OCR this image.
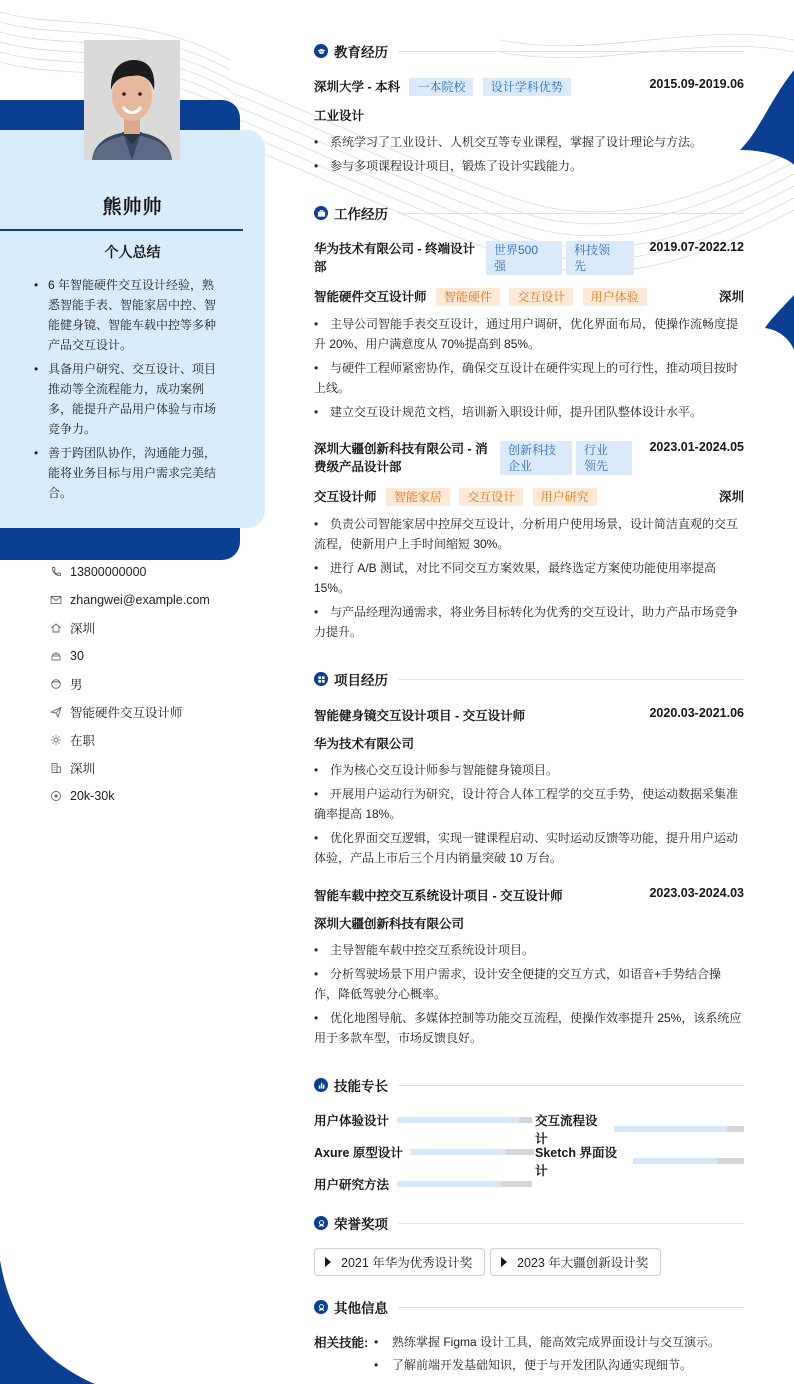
熊帅帅
个人总结
• 6 年智能硬件交互设计经验，熟悉智能手表、智能家居中控、智能健身镜、智能车载中控等多种产品交互设计。
• 具备用户研究、交互设计、项目推动等全流程能力，成功案例多，能提升产品用户体验与市场竞争力。
• 善于跨团队协作，沟通能力强，能将业务目标与用户需求完美结合。
13800000000
zhangwei@example.com
深圳
30
男
智能硬件交互设计师
在职
深圳
20k-30k
教育经历
深圳大学 - 本科 一本院校 设计学科优势	2015.09-2019.06
工业设计
• 系统学习了工业设计、人机交互等专业课程，掌握了设计理论与方法。
• 参与多项课程设计项目，锻炼了设计实践能力。
工作经历
华为技术有限公司 - 终端设计
部
世界500
强
科技领
先
2019.07-2022.12
智能硬件交互设计师 智能硬件 交互设计 用户体验	深圳
• 主导公司智能手表交互设计，通过用户调研，优化界面布局，使操作流畅度提升 20%、用户满意度从 70%提高到 85%。
• 与硬件工程师紧密协作，确保交互设计在硬件实现上的可行性，推动项目按时上线。
• 建立交互设计规范文档，培训新入职设计师，提升团队整体设计水平。
深圳大疆创新科技有限公司 - 消
费级产品设计部
创新科技
企业
行业
领先
2023.01-2024.05
交互设计师 智能家居 交互设计 用户研究	深圳
• 负责公司智能家居中控屏交互设计，分析用户使用场景，设计简洁直观的交互流程，使新用户上手时间缩短 30%。
• 进行 A/B 测试，对比不同交互方案效果，最终选定方案使功能使用率提高 15%。
• 与产品经理沟通需求，将业务目标转化为优秀的交互设计，助力产品市场竞争力提升。
项目经历
智能健身镜交互设计项目 - 交互设计师	2020.03-2021.06
华为技术有限公司
• 作为核心交互设计师参与智能健身镜项目。
• 开展用户运动行为研究，设计符合人体工程学的交互手势，使运动数据采集准确率提高 18%。
• 优化界面交互逻辑，实现一键课程启动、实时运动反馈等功能，提升用户运动体验，产品上市后三个月内销量突破 10 万台。
智能车载中控交互系统设计项目 - 交互设计师	2023.03-2024.03
深圳大疆创新科技有限公司
• 主导智能车载中控交互系统设计项目。
• 分析驾驶场景下用户需求，设计安全便捷的交互方式，如语音+手势结合操作，降低驾驶分心概率。
• 优化地图导航、多媒体控制等功能交互流程，使操作效率提升 25%，该系统应用于多款车型，市场反馈良好。
技能专长
用户体验设计	交互流程设计
Axure 原型设计	Sketch 界面设计
用户研究方法
荣誉奖项
2021 年华为优秀设计奖	2023 年大疆创新设计奖
其他信息
相关技能:
•	熟练掌握 Figma 设计工具，能高效完成界面设计与交互演示。
• 了解前端开发基础知识，便于与开发团队沟通实现细节。
